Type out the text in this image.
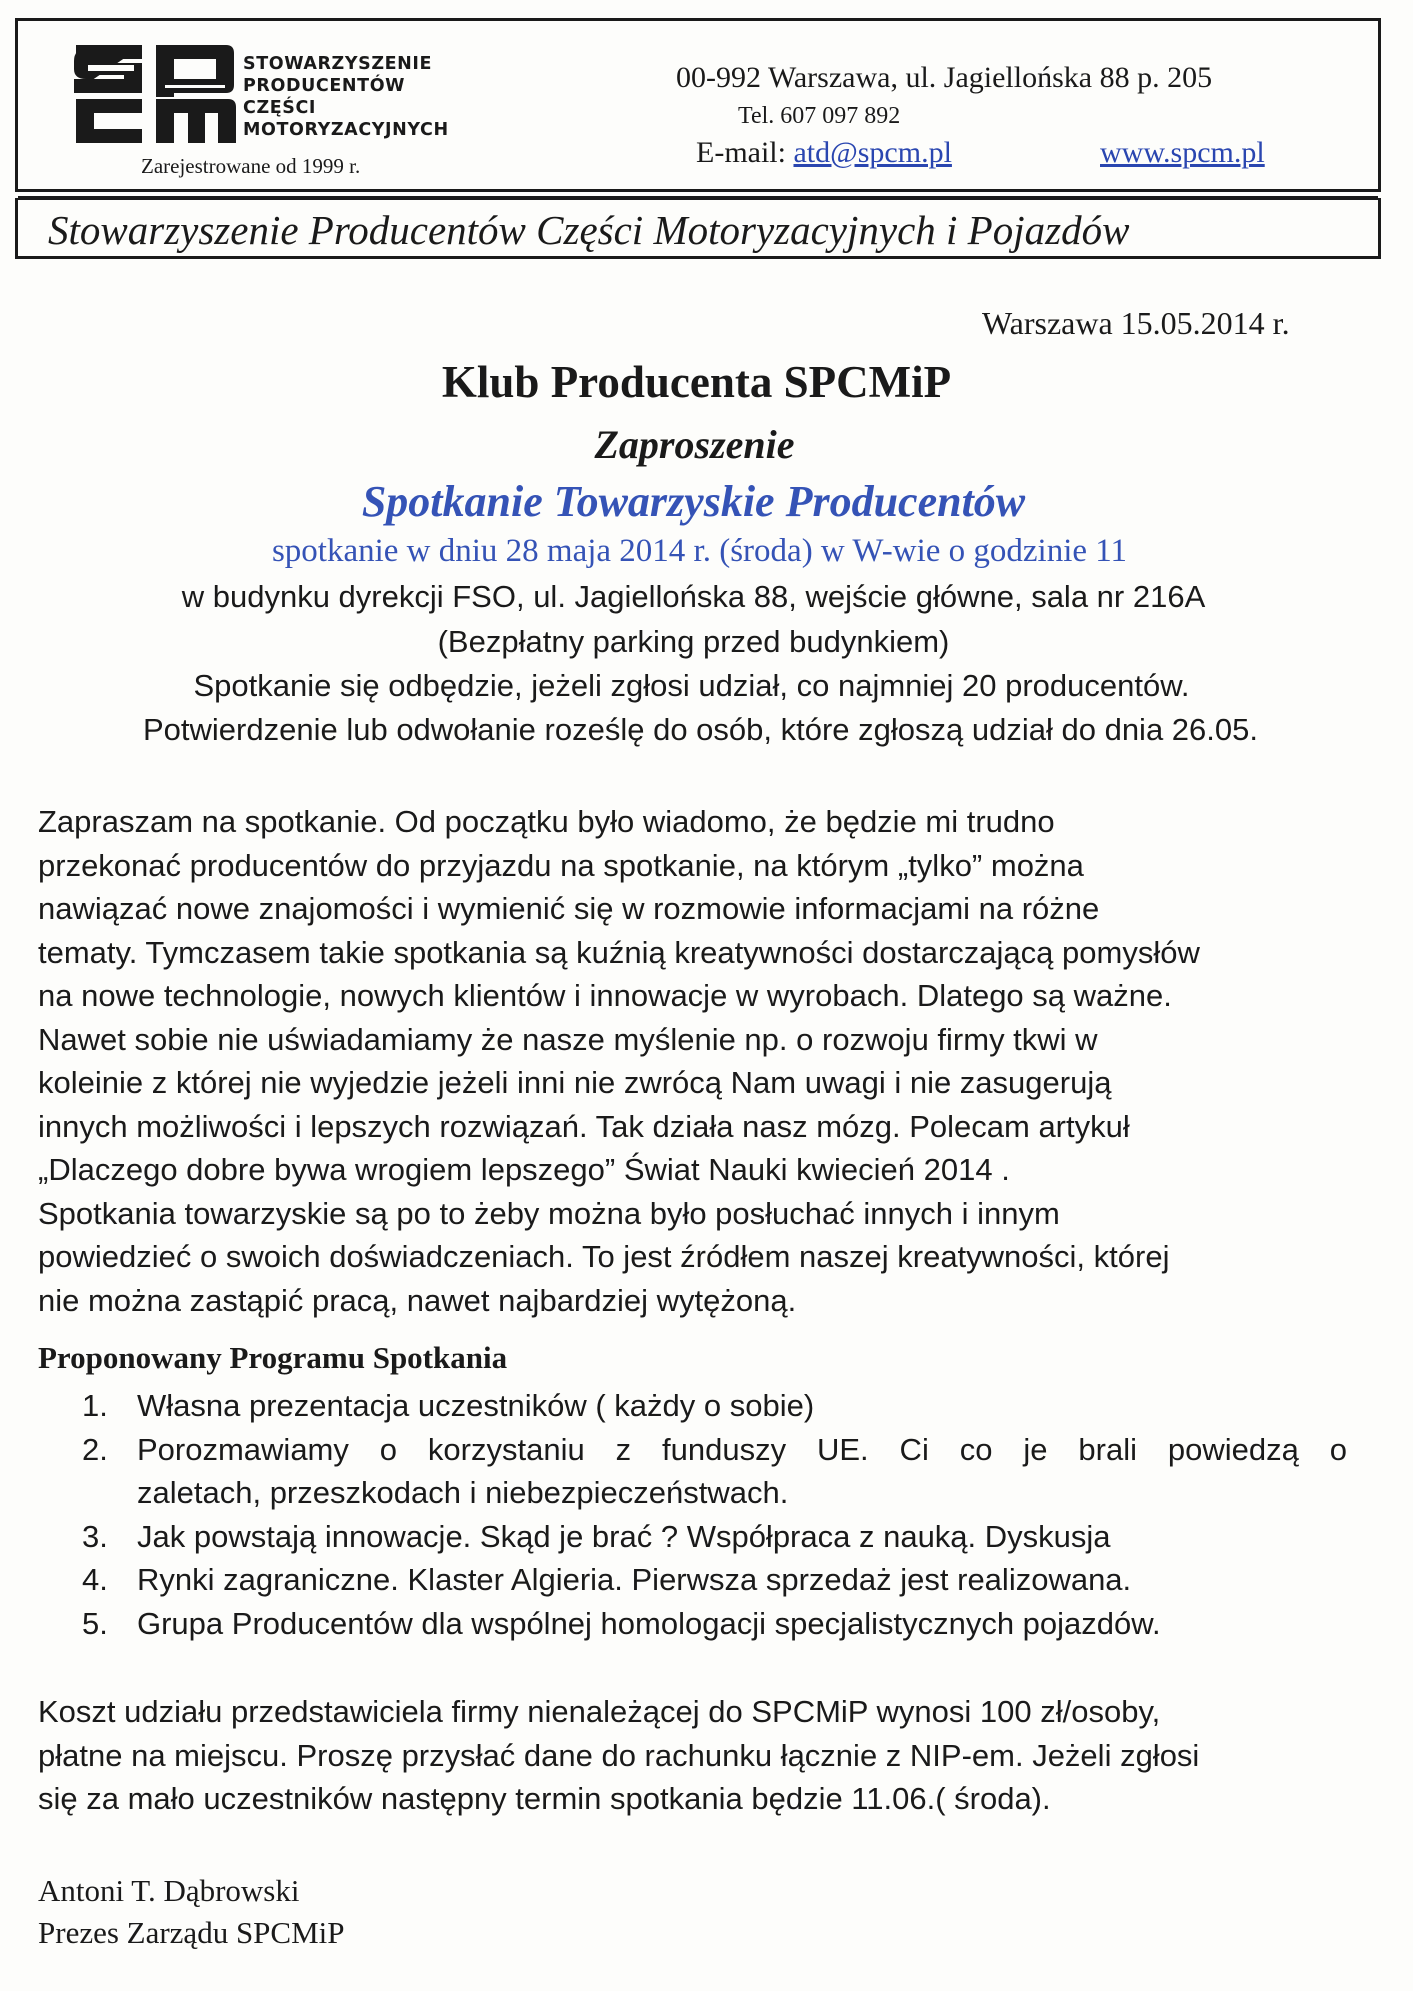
STOWARZYSZENIE
PRODUCENTÓW
CZĘŚCI
MOTORYZACYJNYCH
Zarejestrowane od 1999 r.
00-992 Warszawa, ul. Jagiellońska 88 p. 205
Tel. 607 097 892
E-mail: atd@spcm.pl	www.spcm.pl
Stowarzyszenie Producentów Części Motoryzacyjnych i Pojazdów
Warszawa 15.05.2014 r.
Klub Producenta SPCMiP
Zaproszenie
Spotkanie Towarzyskie Producentów
spotkanie w dniu 28 maja 2014 r. (środa) w W-wie o godzinie 11
w budynku dyrekcji FSO, ul. Jagiellońska 88, wejście główne, sala nr 216A
(Bezpłatny parking przed budynkiem)
Spotkanie się odbędzie, jeżeli zgłosi udział, co najmniej 20 producentów.
Potwierdzenie lub odwołanie roześlę do osób, które zgłoszą udział do dnia 26.05.
Zapraszam na spotkanie. Od początku było wiadomo, że będzie mi trudno
przekonać producentów do przyjazdu na spotkanie, na którym „tylko” można
nawiązać nowe znajomości i wymienić się w rozmowie informacjami na różne
tematy. Tymczasem takie spotkania są kuźnią kreatywności dostarczającą pomysłów
na nowe technologie, nowych klientów i innowacje w wyrobach. Dlatego są ważne.
Nawet sobie nie uświadamiamy że nasze myślenie np. o rozwoju firmy tkwi w
koleinie z której nie wyjedzie jeżeli inni nie zwrócą Nam uwagi i nie zasugerują
innych możliwości i lepszych rozwiązań. Tak działa nasz mózg. Polecam artykuł
„Dlaczego dobre bywa wrogiem lepszego” Świat Nauki kwiecień 2014 .
Spotkania towarzyskie są po to żeby można było posłuchać innych i innym
powiedzieć o swoich doświadczeniach. To jest źródłem naszej kreatywności, której
nie można zastąpić pracą, nawet najbardziej wytężoną.
Proponowany Programu Spotkania
1. Własna prezentacja uczestników ( każdy o sobie)
2. Porozmawiamy o korzystaniu z funduszy UE. Ci co je brali powiedzą o
zaletach, przeszkodach i niebezpieczeństwach.
3. Jak powstają innowacje. Skąd je brać ? Współpraca z nauką. Dyskusja
4. Rynki zagraniczne. Klaster Algieria. Pierwsza sprzedaż jest realizowana.
5. Grupa Producentów dla wspólnej homologacji specjalistycznych pojazdów.
Koszt udziału przedstawiciela firmy nienależącej do SPCMiP wynosi 100 zł/osoby,
płatne na miejscu. Proszę przysłać dane do rachunku łącznie z NIP-em. Jeżeli zgłosi
się za mało uczestników następny termin spotkania będzie 11.06.( środa).
Antoni T. Dąbrowski
Prezes Zarządu SPCMiP
